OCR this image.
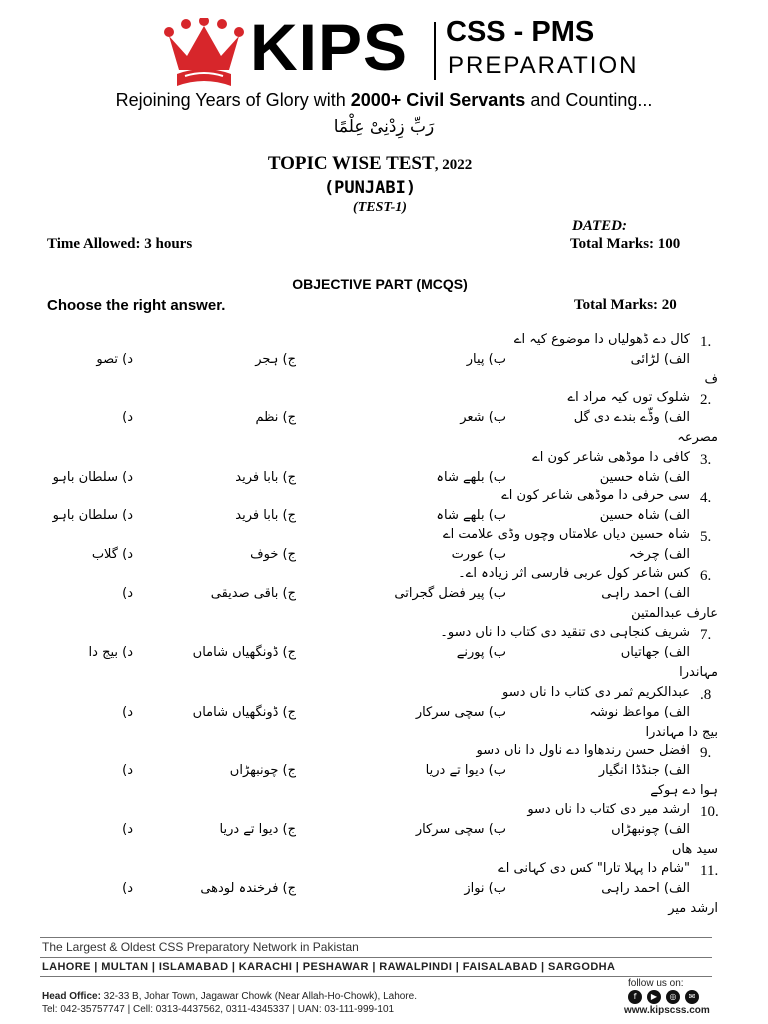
KIPS CSS - PMS
PREPARATION
Rejoining Years of Glory with 2000+ Civil Servants and Counting...
رَبِّ زِدْنِیْ عِلْمًا
TOPIC WISE TEST, 2022
(PUNJABI)
(TEST-1)
DATED:
Time Allowed: 3 hours	Total Marks: 100
OBJECTIVE PART (MCQS)
Choose the right answer.	Total Marks: 20
1.
کال دے ڈھولیاں دا موضوع کیہ اے
الف) لڑائی
ب) پیار
ج) ہجر
د) تصو
ف
2.
شلوک توں کیہ مراد اے
الف) وڈّے بندے دی گل
ب) شعر
ج) نظم
د)
مصرعہ
3.
کافی دا موڈھی شاعر کون اے
الف) شاہ حسین
ب) بلھے شاہ
ج) بابا فرید
د) سلطان باہو
4.
سی حرفی دا موڈھی شاعر کون اے
الف) شاہ حسین
ب) بلھے شاہ
ج) بابا فرید
د) سلطان باہو
5.
شاہ حسین دیاں علامتاں وچوں وڈی علامت اے
الف) چرخہ
ب) عورت
ج) خوف
د) گلاب
6.
کس شاعر کول عربی فارسی اثر زیادہ اے۔
الف) احمد راہی
ب) پیر فضل گجراتی
ج) باقی صدیقی
د)
عارف عبدالمتین
7.
شریف کنجاہی دی تنقید دی کتاب دا ناں دسو۔
الف) جھاتیاں
ب) پورنے
ج) ڈونگھیاں شاماں
د) بیج دا
مہاندرا
.8
عبدالکریم ثمر دی کتاب دا ناں دسو
الف) مواعظ نوشہ
ب) سچی سرکار
ج) ڈونگھیاں شاماں
د)
بیج دا مہاندرا
9.
افضل حسن رندھاوا دے ناول دا ناں دسو
الف) جنڈڈا انگیار
ب) دیوا تے دریا
ج) چونبھڑاں
د)
ہوا دے ہوکے
10.
ارشد میر دی کتاب دا ناں دسو
الف) چونبھڑاں
ب) سچی سرکار
ج) دیوا تے دریا
د)
سید ھاں
11.
"شام دا پہلا تارا" کس دی کہانی اے
الف) احمد راہی
ب) نواز
ج) فرخندہ لودھی
د)
ارشد میر
The Largest & Oldest CSS Preparatory Network in Pakistan
LAHORE | MULTAN | ISLAMABAD | KARACHI | PESHAWAR | RAWALPINDI | FAISALABAD | SARGODHA
Head Office: 32-33 B, Johar Town, Jagawar Chowk (Near Allah-Ho-Chowk), Lahore.
Tel: 042-35757747 | Cell: 0313-4437562, 0311-4345337 | UAN: 03-111-999-101
follow us on:
f	▶	◎	✉
www.kipscss.com
